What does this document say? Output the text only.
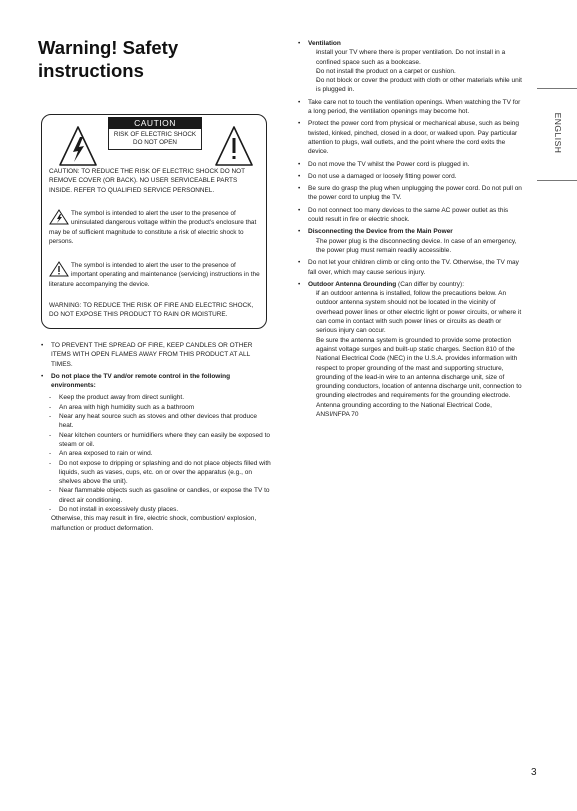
Warning! Safety
instructions
ENGLISH
CAUTION
RISK OF ELECTRIC SHOCK
DO NOT OPEN
CAUTION: TO REDUCE THE RISK OF ELECTRIC SHOCK DO NOT REMOVE COVER (OR BACK). NO USER SERVICEABLE PARTS INSIDE. REFER TO QUALIFIED SERVICE PERSONNEL.
The symbol is intended to alert the user to the presence of uninsulated dangerous voltage within the product's enclosure that may be of sufficient magnitude to constitute a risk of electric shock to persons.
The symbol is intended to alert the user to the presence of important operating and maintenance (servicing) instructions in the literature accompanying the device.
WARNING: TO REDUCE THE RISK OF FIRE AND ELECTRIC SHOCK, DO NOT EXPOSE THIS PRODUCT TO RAIN OR MOISTURE.
• TO PREVENT THE SPREAD OF FIRE, KEEP CANDLES OR OTHER ITEMS WITH OPEN FLAMES AWAY FROM THIS PRODUCT AT ALL TIMES.
• Do not place the TV and/or remote control in the following environments:
- Keep the product away from direct sunlight.
- An area with high humidity such as a bathroom
- Near any heat source such as stoves and other devices that produce heat.
- Near kitchen counters or humidifiers where they can easily be exposed to steam or oil.
- An area exposed to rain or wind.
- Do not expose to dripping or splashing and do not place objects filled with liquids, such as vases, cups, etc. on or over the apparatus (e.g., on shelves above the unit).
- Near flammable objects such as gasoline or candles, or expose the TV to direct air conditioning.
- Do not install in excessively dusty places.
Otherwise, this may result in fire, electric shock, combustion/ explosion, malfunction or product deformation.
• Ventilation
- Install your TV where there is proper ventilation. Do not install in a confined space such as a bookcase.
- Do not install the product on a carpet or cushion.
- Do not block or cover the product with cloth or other materials while unit is plugged in.
• Take care not to touch the ventilation openings. When watching the TV for a long period, the ventilation openings may become hot.
• Protect the power cord from physical or mechanical abuse, such as being twisted, kinked, pinched, closed in a door, or walked upon. Pay particular attention to plugs, wall outlets, and the point where the cord exits the device.
• Do not move the TV whilst the Power cord is plugged in.
• Do not use a damaged or loosely fitting power cord.
• Be sure do grasp the plug when unplugging the power cord. Do not pull on the power cord to unplug the TV.
• Do not connect too many devices to the same AC power outlet as this could result in fire or electric shock.
• Disconnecting the Device from the Main Power
- The power plug is the disconnecting device. In case of an emergency, the power plug must remain readily accessible.
• Do not let your children climb or cling onto the TV. Otherwise, the TV may fall over, which may cause serious injury.
• Outdoor Antenna Grounding (Can differ by country):
- If an outdoor antenna is installed, follow the precautions below. An outdoor antenna system should not be located in the vicinity of overhead power lines or other electric light or power circuits, or where it can come in contact with such power lines or circuits as death or serious injury can occur.
Be sure the antenna system is grounded to provide some protection against voltage surges and built-up static charges. Section 810 of the National Electrical Code (NEC) in the U.S.A. provides information with respect to proper grounding of the mast and supporting structure, grounding of the lead-in wire to an antenna discharge unit, size of grounding conductors, location of antenna discharge unit, connection to grounding electrodes and requirements for the grounding electrode. Antenna grounding according to the National Electrical Code, ANSI/NFPA 70
3
